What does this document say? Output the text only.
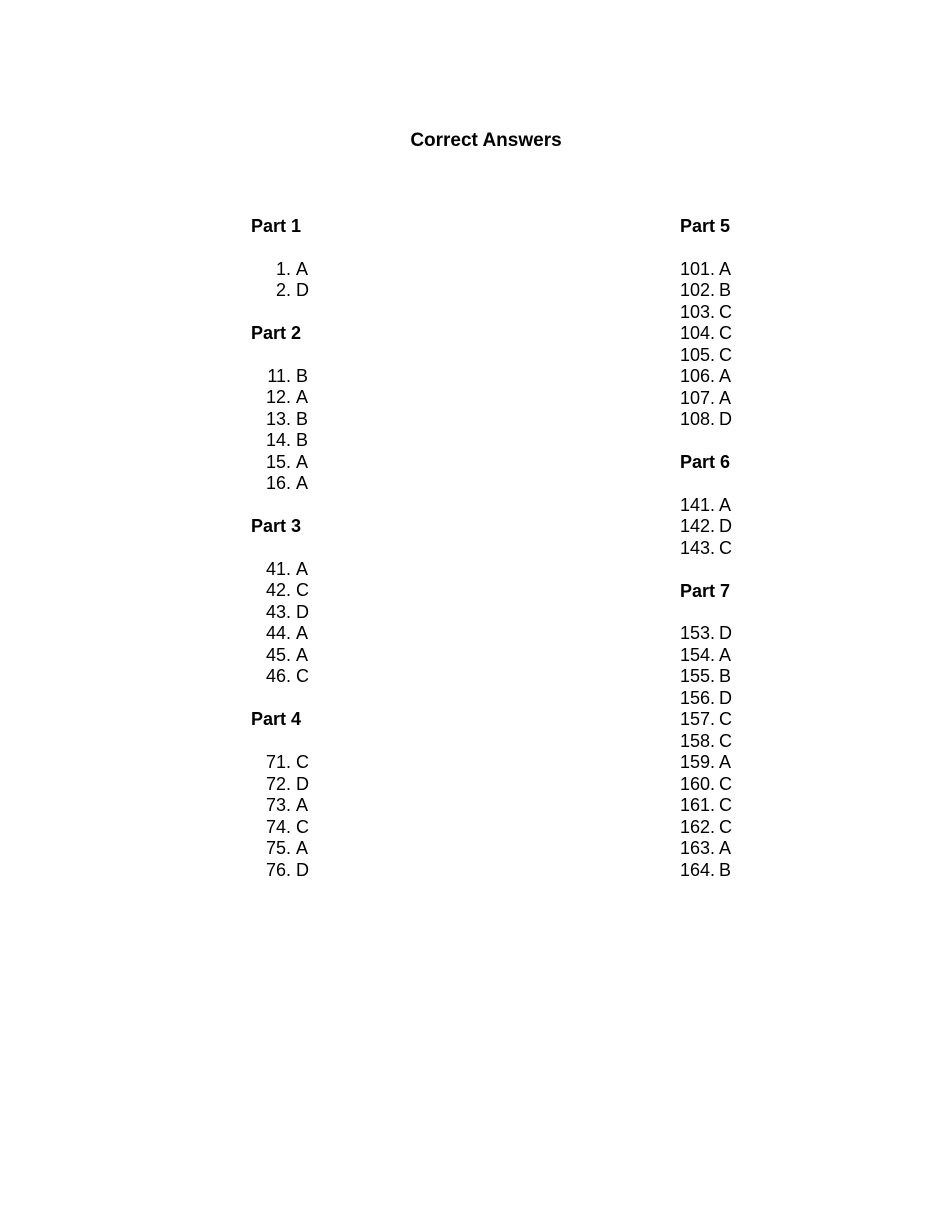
Correct Answers
Part 1
1. A
2. D
Part 2
11. B
12. A
13. B
14. B
15. A
16. A
Part 3
41. A
42. C
43. D
44. A
45. A
46. C
Part 4
71. C
72. D
73. A
74. C
75. A
76. D
Part 5
101. A
102. B
103. C
104. C
105. C
106. A
107. A
108. D
Part 6
141. A
142. D
143. C
Part 7
153. D
154. A
155. B
156. D
157. C
158. C
159. A
160. C
161. C
162. C
163. A
164. B
